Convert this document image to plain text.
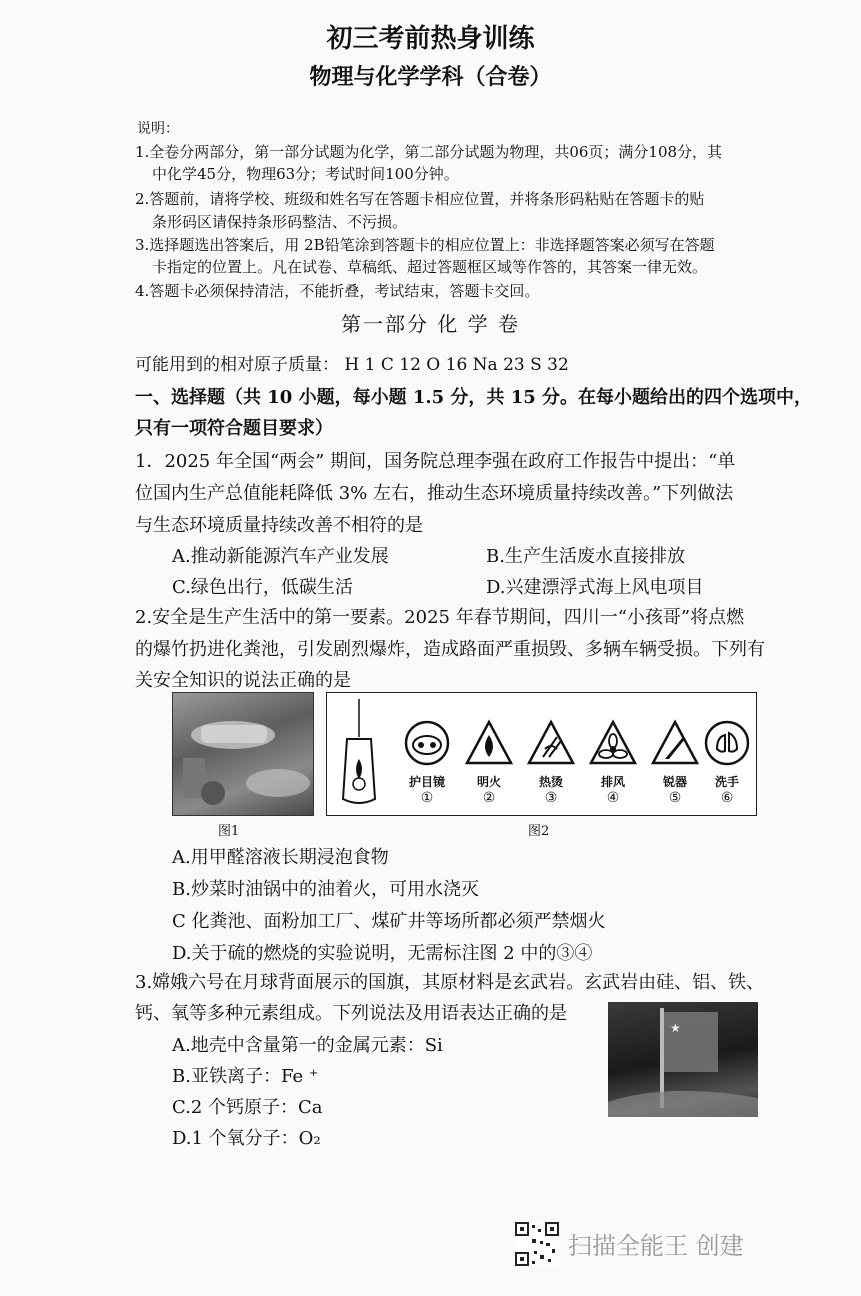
初三考前热身训练
物理与化学学科（合卷）
说明：
1.全卷分两部分，第一部分试题为化学，第二部分试题为物理，共06页；满分108分，其
中化学45分，物理63分；考试时间100分钟。
2.答题前，请将学校、班级和姓名写在答题卡相应位置，并将条形码粘贴在答题卡的贴
条形码区请保持条形码整洁、不污损。
3.选择题选出答案后，用 2B铅笔涂到答题卡的相应位置上：非选择题答案必须写在答题
卡指定的位置上。凡在试卷、草稿纸、超过答题框区域等作答的，其答案一律无效。
4.答题卡必须保持清洁，不能折叠，考试结束，答题卡交回。
第一部分 化 学 卷
可能用到的相对原子质量： H 1 C 12 O 16 Na 23 S 32
一、选择题（共 10 小题，每小题 1.5 分，共 15 分。在每小题给出的四个选项中，
只有一项符合题目要求）
1．2025 年全国“两会” 期间，国务院总理李强在政府工作报告中提出：“单
位国内生产总值能耗降低 3% 左右，推动生态环境质量持续改善。”下列做法
与生态环境质量持续改善不相符的是
A.推动新能源汽车产业发展	B.生产生活废水直接排放
C.绿色出行，低碳生活	D.兴建漂浮式海上风电项目
2.安全是生产生活中的第一要素。2025 年春节期间，四川一“小孩哥”将点燃
的爆竹扔进化粪池，引发剧烈爆炸，造成路面严重损毁、多辆车辆受损。下列有
关安全知识的说法正确的是
图1
护目镜
①
明火
②
热烫
③
排风
④
锐器
⑤
洗手
⑥
图2
A.用甲醛溶液长期浸泡食物
B.炒菜时油锅中的油着火，可用水浇灭
C 化粪池、面粉加工厂、煤矿井等场所都必须严禁烟火
D.关于硫的燃烧的实验说明，无需标注图 2 中的③④
3.嫦娥六号在月球背面展示的国旗，其原材料是玄武岩。玄武岩由硅、铝、铁、
钙、氧等多种元素组成。下列说法及用语表达正确的是
★
A.地壳中含量第一的金属元素：Si
B.亚铁离子：Fe ⁺
C.2 个钙原子：Ca
D.1 个氧分子：O₂
扫描全能王 创建
